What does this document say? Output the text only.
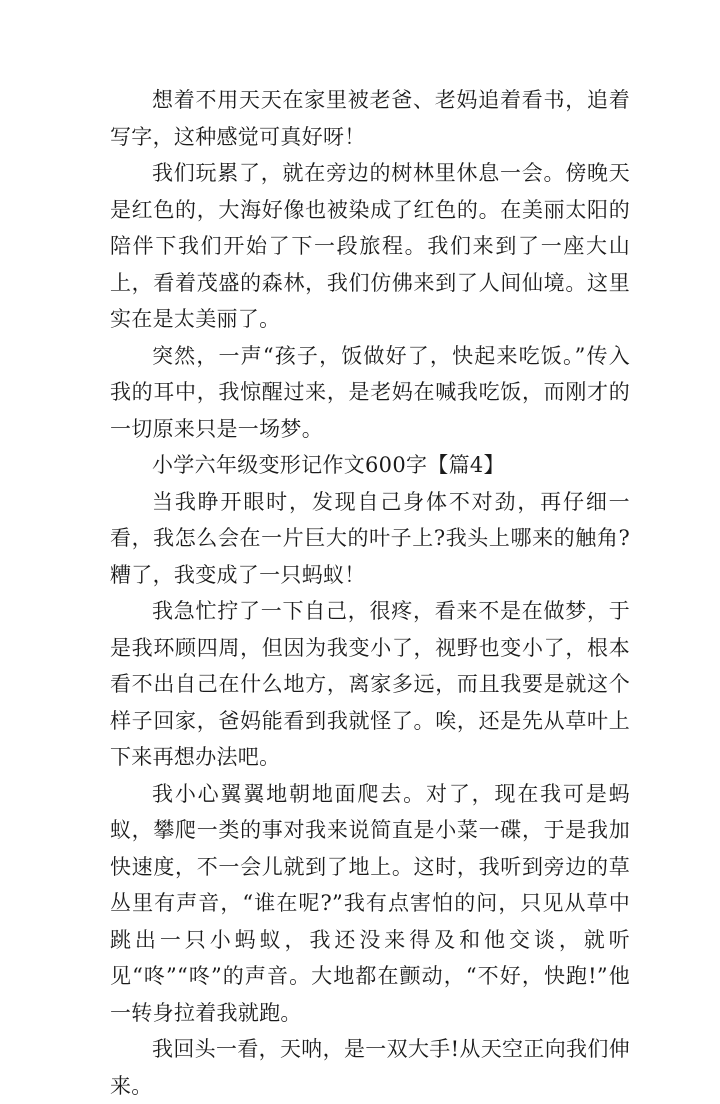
想着不用天天在家里被老爸、老妈追着看书，追着写字，这种感觉可真好呀！

我们玩累了，就在旁边的树林里休息一会。傍晚天是红色的，大海好像也被染成了红色的。在美丽太阳的陪伴下我们开始了下一段旅程。我们来到了一座大山上，看着茂盛的森林，我们仿佛来到了人间仙境。这里实在是太美丽了。

突然，一声“孩子，饭做好了，快起来吃饭。”传入我的耳中，我惊醒过来，是老妈在喊我吃饭，而刚才的一切原来只是一场梦。

小学六年级变形记作文600字【篇4】

当我睁开眼时，发现自己身体不对劲，再仔细一看，我怎么会在一片巨大的叶子上?我头上哪来的触角?糟了，我变成了一只蚂蚁！

我急忙拧了一下自己，很疼，看来不是在做梦，于是我环顾四周，但因为我变小了，视野也变小了，根本看不出自己在什么地方，离家多远，而且我要是就这个样子回家，爸妈能看到我就怪了。唉，还是先从草叶上下来再想办法吧。

我小心翼翼地朝地面爬去。对了，现在我可是蚂蚁，攀爬一类的事对我来说简直是小菜一碟，于是我加快速度，不一会儿就到了地上。这时，我听到旁边的草丛里有声音，“谁在呢?”我有点害怕的问，只见从草中跳出一只小蚂蚁，我还没来得及和他交谈，就听见“咚”“咚”的声音。大地都在颤动，“不好，快跑!”他一转身拉着我就跑。

我回头一看，天呐，是一双大手!从天空正向我们伸来。
